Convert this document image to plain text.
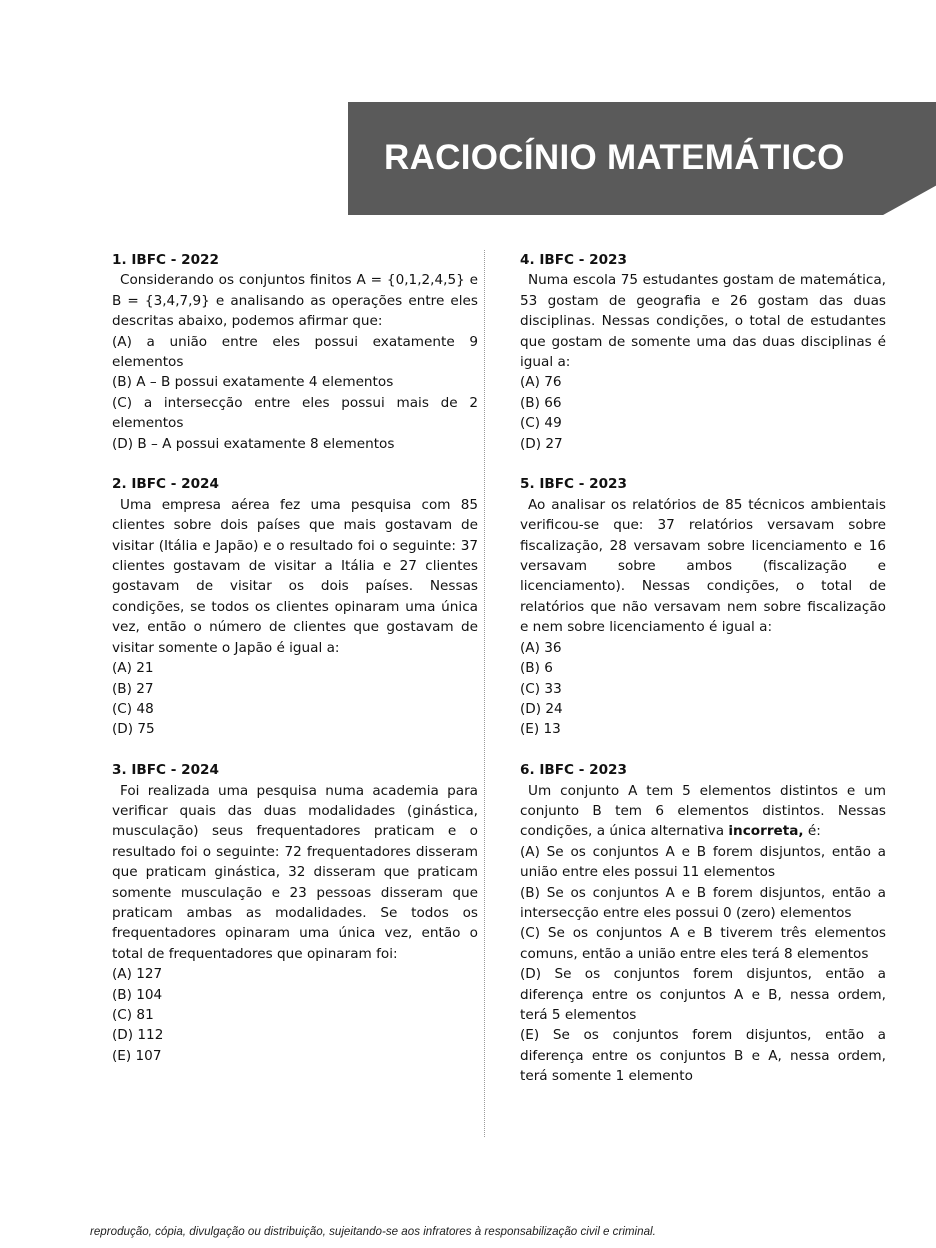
RACIOCÍNIO MATEMÁTICO

1. IBFC - 2022

Considerando os conjuntos finitos A = {0,1,2,4,5} e B = {3,4,7,9} e analisando as operações entre eles descritas abaixo, podemos afirmar que:

(A) a união entre eles possui exatamente 9 elementos

(B) A – B possui exatamente 4 elementos

(C) a intersecção entre eles possui mais de 2 elementos

(D) B – A possui exatamente 8 elementos

2. IBFC - 2024

Uma empresa aérea fez uma pesquisa com 85 clientes sobre dois países que mais gostavam de visitar (Itália e Japão) e o resultado foi o seguinte: 37 clientes gostavam de visitar a Itália e 27 clientes gostavam de visitar os dois países. Nessas condições, se todos os clientes opinaram uma única vez, então o número de clientes que gostavam de visitar somente o Japão é igual a:

(A) 21

(B) 27

(C) 48

(D) 75

3. IBFC - 2024

Foi realizada uma pesquisa numa academia para verificar quais das duas modalidades (ginástica, musculação) seus frequentadores praticam e o resultado foi o seguinte: 72 frequentadores disseram que praticam ginástica, 32 disseram que praticam somente musculação e 23 pessoas disseram que praticam ambas as modalidades. Se todos os frequentadores opinaram uma única vez, então o total de frequentadores que opinaram foi:

(A) 127

(B) 104

(C) 81

(D) 112

(E) 107

4. IBFC - 2023

Numa escola 75 estudantes gostam de matemática, 53 gostam de geografia e 26 gostam das duas disciplinas. Nessas condições, o total de estudantes que gostam de somente uma das duas disciplinas é igual a:

(A) 76

(B) 66

(C) 49

(D) 27

5. IBFC - 2023

Ao analisar os relatórios de 85 técnicos ambientais verificou-se que: 37 relatórios versavam sobre fiscalização, 28 versavam sobre licenciamento e 16 versavam sobre ambos (fiscalização e licenciamento). Nessas condições, o total de relatórios que não versavam nem sobre fiscalização e nem sobre licenciamento é igual a:

(A) 36

(B) 6

(C) 33

(D) 24

(E) 13

6. IBFC - 2023

Um conjunto A tem 5 elementos distintos e um conjunto B tem 6 elementos distintos. Nessas condições, a única alternativa incorreta, é:

(A) Se os conjuntos A e B forem disjuntos, então a união entre eles possui 11 elementos

(B) Se os conjuntos A e B forem disjuntos, então a intersecção entre eles possui 0 (zero) elementos

(C) Se os conjuntos A e B tiverem três elementos comuns, então a união entre eles terá 8 elementos

(D) Se os conjuntos forem disjuntos, então a diferença entre os conjuntos A e B, nessa ordem, terá 5 elementos

(E) Se os conjuntos forem disjuntos, então a diferença entre os conjuntos B e A, nessa ordem, terá somente 1 elemento

reprodução, cópia, divulgação ou distribuição, sujeitando-se aos infratores à responsabilização civil e criminal.
